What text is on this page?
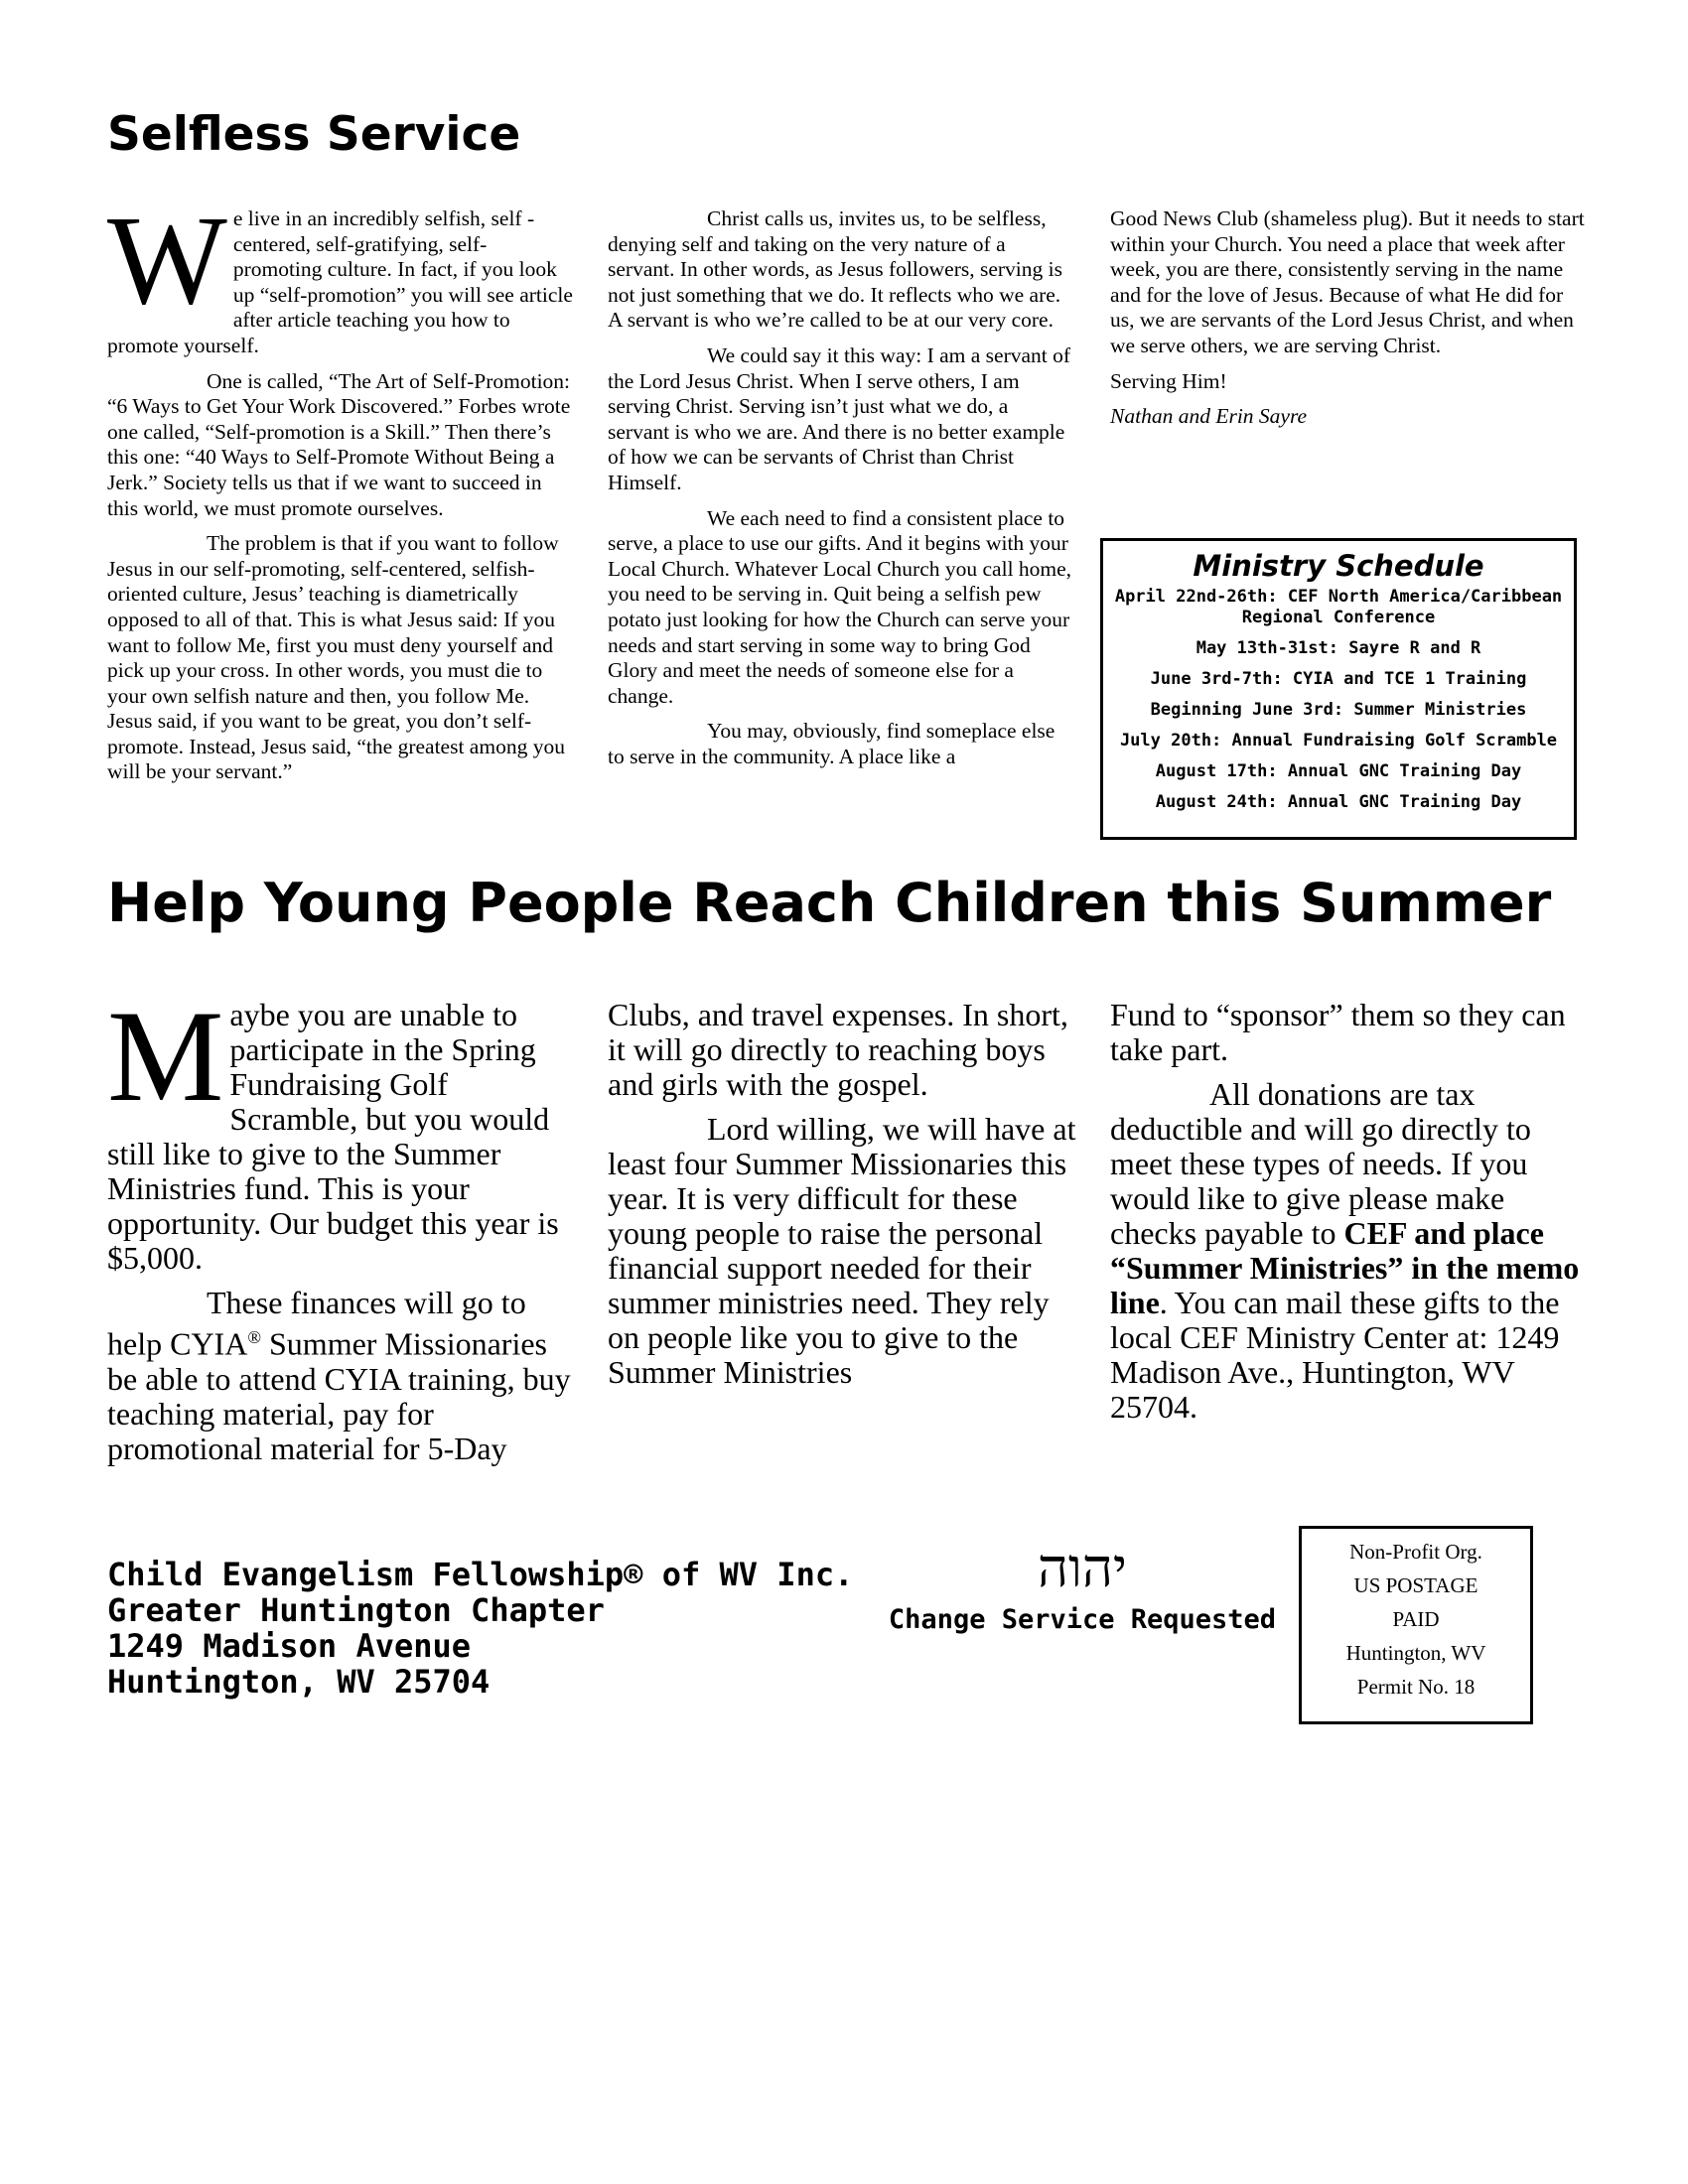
Selfless Service

We live in an incredibly selfish, self -centered, self-gratifying, self-promoting culture. In fact, if you look up “self-promotion” you will see article after article teaching you how to promote yourself.

One is called, “The Art of Self-Promotion: “6 Ways to Get Your Work Discovered.” Forbes wrote one called, “Self-promotion is a Skill.” Then there’s this one: “40 Ways to Self-Promote Without Being a Jerk.” Society tells us that if we want to succeed in this world, we must promote ourselves.

The problem is that if you want to follow Jesus in our self-promoting, self-centered, selfish-oriented culture, Jesus’ teaching is diametrically opposed to all of that. This is what Jesus said: If you want to follow Me, first you must deny yourself and pick up your cross. In other words, you must die to your own selfish nature and then, you follow Me. Jesus said, if you want to be great, you don’t self-promote. Instead, Jesus said, “the greatest among you will be your servant.”

Christ calls us, invites us, to be selfless, denying self and taking on the very nature of a servant. In other words, as Jesus followers, serving is not just something that we do. It reflects who we are. A servant is who we’re called to be at our very core.

We could say it this way: I am a servant of the Lord Jesus Christ. When I serve others, I am serving Christ. Serving isn’t just what we do, a servant is who we are. And there is no better example of how we can be servants of Christ than Christ Himself.

We each need to find a consistent place to serve, a place to use our gifts. And it begins with your Local Church. Whatever Local Church you call home, you need to be serving in. Quit being a selfish pew potato just looking for how the Church can serve your needs and start serving in some way to bring God Glory and meet the needs of someone else for a change.

You may, obviously, find someplace else to serve in the community. A place like a

Good News Club (shameless plug). But it needs to start within your Church. You need a place that week after week, you are there, consistently serving in the name and for the love of Jesus. Because of what He did for us, we are servants of the Lord Jesus Christ, and when we serve others, we are serving Christ.

Serving Him!

Nathan and Erin Sayre

Ministry Schedule
April 22nd-26th: CEF North America/Caribbean Regional Conference
May 13th-31st: Sayre R and R
June 3rd-7th: CYIA and TCE 1 Training
Beginning June 3rd: Summer Ministries
July 20th: Annual Fundraising Golf Scramble
August 17th: Annual GNC Training Day
August 24th: Annual GNC Training Day
Help Young People Reach Children this Summer

Maybe you are unable to participate in the Spring Fundraising Golf Scramble, but you would still like to give to the Summer Ministries fund. This is your opportunity. Our budget this year is $5,000.

These finances will go to help CYIA® Summer Missionaries be able to attend CYIA training, buy teaching material, pay for promotional material for 5-Day

Clubs, and travel expenses. In short, it will go directly to reaching boys and girls with the gospel.

Lord willing, we will have at least four Summer Missionaries this year. It is very difficult for these young people to raise the personal financial support needed for their summer ministries need. They rely on people like you to give to the Summer Ministries

Fund to “sponsor” them so they can take part.

All donations are tax deductible and will go directly to meet these types of needs. If you would like to give please make checks payable to CEF and place “Summer Ministries” in the memo line. You can mail these gifts to the local CEF Ministry Center at: 1249 Madison Ave., Huntington, WV 25704.

Child Evangelism Fellowship® of WV Inc.
Greater Huntington Chapter
1249 Madison Avenue
Huntington, WV 25704
יהוה
Change Service Requested
Non-Profit Org.
US POSTAGE
PAID
Huntington, WV
Permit No. 18
